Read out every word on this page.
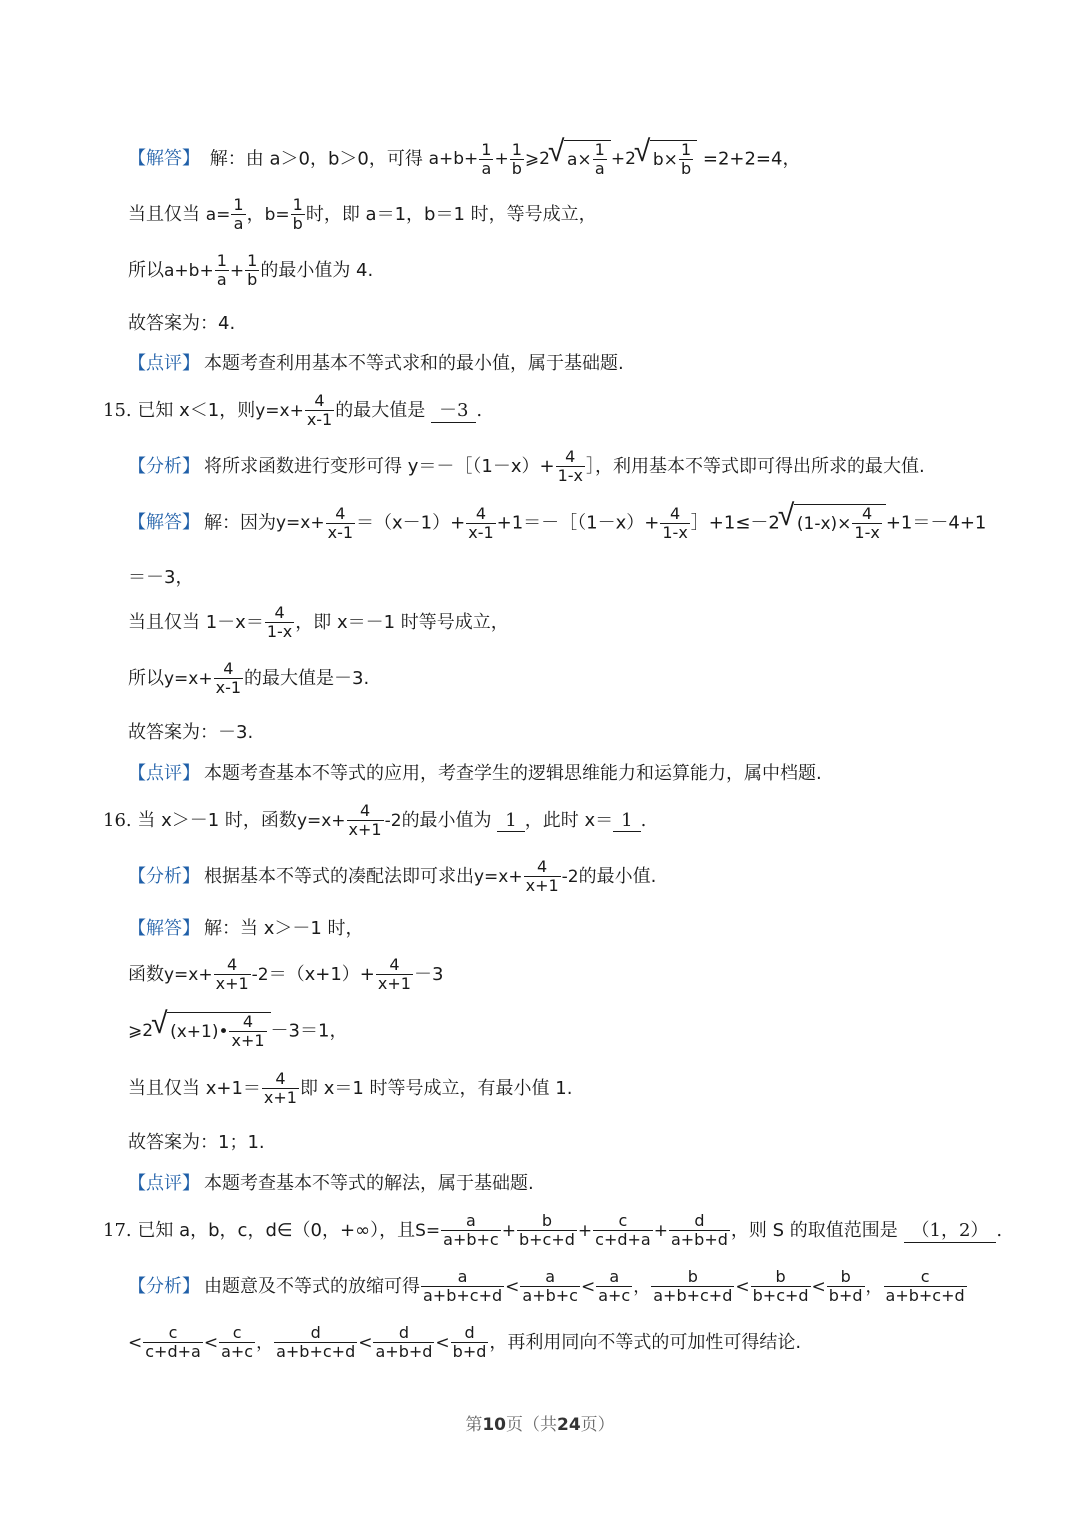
【解答】 解：由 a＞0，b＞0，可得 $a+b+ \frac{1}{a} + \frac{1}{b}$ ⩾2
√ $a\times \frac{1}{a} +2$
√ $b\times \frac{1}{b} =2+2=4$，
当且仅当 $a= \frac{1}{a}$ ，$b= \frac{1}{b}$ 时，即 a＝1，b＝1 时，等号成立，
所以$a+b+ \frac{1}{a} + \frac{1}{b}$ 的最小值为 4.
故答案为：4.
【点评】 本题考查利用基本不等式求和的最小值，属于基础题.
15. 已知 x＜1，则$y=x+ \frac{4}{x-1}$ 的最大值是 －3 .
【分析】 将所求函数进行变形可得 y＝－［（1－x）+ $\frac{4}{1-x}$ ］，利用基本不等式即可得出所求的最大值.
【解答】 解：因为$y=x+ \frac{4}{x-1} =(x-1)+ \frac{4}{x-1}$ +1＝－［（1－x）+ $\frac{4}{1-x}$ ］+1≤－2
√ $(1-x)\times \frac{4}{1-x} +1=-4+1$
＝－3，
当且仅当 $1-x= \frac{4}{1-x}$ ，即 x＝－1 时等号成立，
所以$y=x+ \frac{4}{x-1}$ 的最大值是－3.
故答案为：－3.
【点评】 本题考查基本不等式的应用，考查学生的逻辑思维能力和运算能力，属中档题.
16. 当 x＞－1 时，函数$y=x+ \frac{4}{x+1} -2$的最小值为 1 ，此时 x＝ 1 .
【分析】 根据基本不等式的凑配法即可求出$y=x+ \frac{4}{x+1} -2$的最小值.
【解答】 解：当 x＞－1 时，
函数$y=x+ \frac{4}{x+1} -2=(x+1)+ \frac{4}{x+1} -3$
⩾2
√ (x+1)• $\frac{4}{x+1} -3=1$，
当且仅当 $x+1= \frac{4}{x+1}$ 即 x＝1 时等号成立，有最小值 1.
故答案为：1；1.
【点评】 本题考查基本不等式的解法，属于基础题.
17. 已知 a，b，c，d∈（0，+∞），且$S= \frac{a}{a+b+c} + \frac{b}{b+c+d} + \frac{c}{c+d+a} + \frac{d}{a+b+d}$ ，则 S 的取值范围是 （1，2） .
【分析】 由题意及不等式的放缩可得 $\frac{a}{a+b+c+d} < \frac{a}{a+b+c} < \frac{a}{a+c}$ ， $\frac{b}{a+b+c+d} < \frac{b}{b+c+d} < \frac{b}{b+d}$ ， $\frac{c}{a+b+c+d}$
< $\frac{c}{c+d+a} < \frac{c}{a+c}$ ， $\frac{d}{a+b+c+d} < \frac{d}{a+b+d} < \frac{d}{b+d}$ ，再利用同向不等式的可加性可得结论.
第10页（共24页）
